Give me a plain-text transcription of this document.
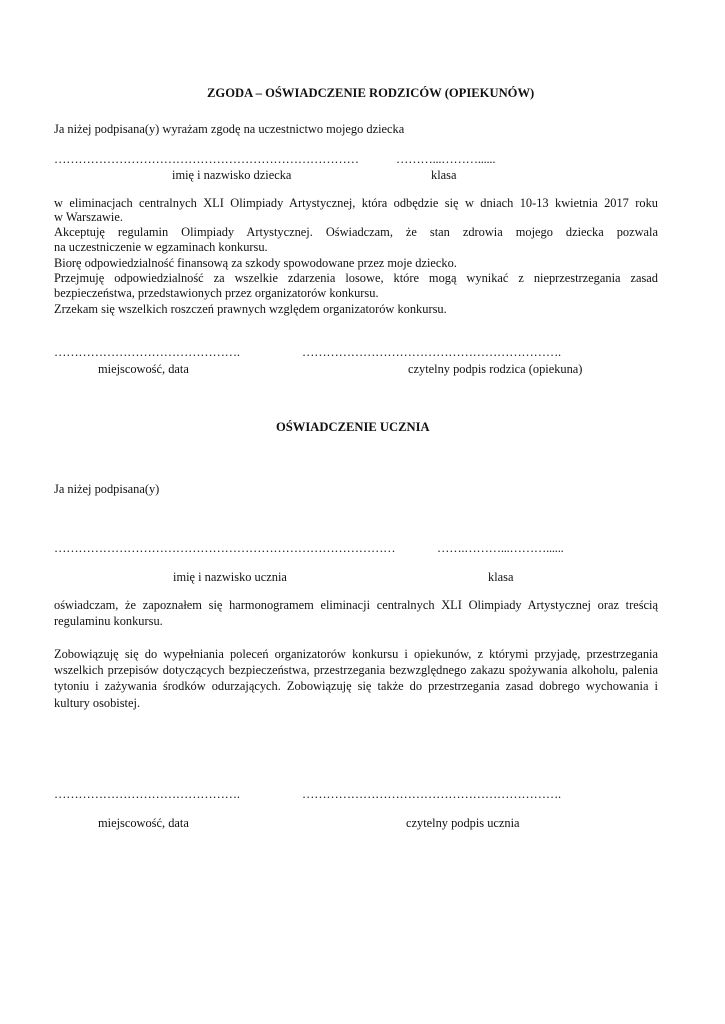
ZGODA – OŚWIADCZENIE RODZICÓW (OPIEKUNÓW)
Ja niżej podpisana(y) wyrażam zgodę na uczestnictwo mojego dziecka
…………………………………………………………………	………...………......
imię i nazwisko dziecka	klasa
w eliminacjach centralnych XLI Olimpiady Artystycznej, która odbędzie się w dniach 10-13 kwietnia 2017 roku
w Warszawie.
Akceptuję regulamin Olimpiady Artystycznej. Oświadczam, że stan zdrowia mojego dziecka pozwala
na uczestniczenie w egzaminach konkursu.
Biorę odpowiedzialność finansową za szkody spowodowane przez moje dziecko.
Przejmuję odpowiedzialność za wszelkie zdarzenia losowe, które mogą wynikać z nieprzestrzegania zasad
bezpieczeństwa, przedstawionych przez organizatorów konkursu.
Zrzekam się wszelkich roszczeń prawnych względem organizatorów konkursu.
……………………………………….	……………………………………………………….
miejscowość, data	czytelny podpis rodzica (opiekuna)
OŚWIADCZENIE UCZNIA
Ja niżej podpisana(y)
…………………………………………………………………………	…….………...………......
imię i nazwisko ucznia	klasa
oświadczam, że zapoznałem się harmonogramem eliminacji centralnych XLI Olimpiady Artystycznej oraz treścią regulaminu konkursu.
Zobowiązuję się do wypełniania poleceń organizatorów konkursu i opiekunów, z którymi przyjadę, przestrzegania wszelkich przepisów dotyczących bezpieczeństwa, przestrzegania bezwzględnego zakazu spożywania alkoholu, palenia tytoniu i zażywania środków odurzających. Zobowiązuję się także do przestrzegania zasad dobrego wychowania i kultury osobistej.
……………………………………….	……………………………………………………….
miejscowość, data	czytelny podpis ucznia
